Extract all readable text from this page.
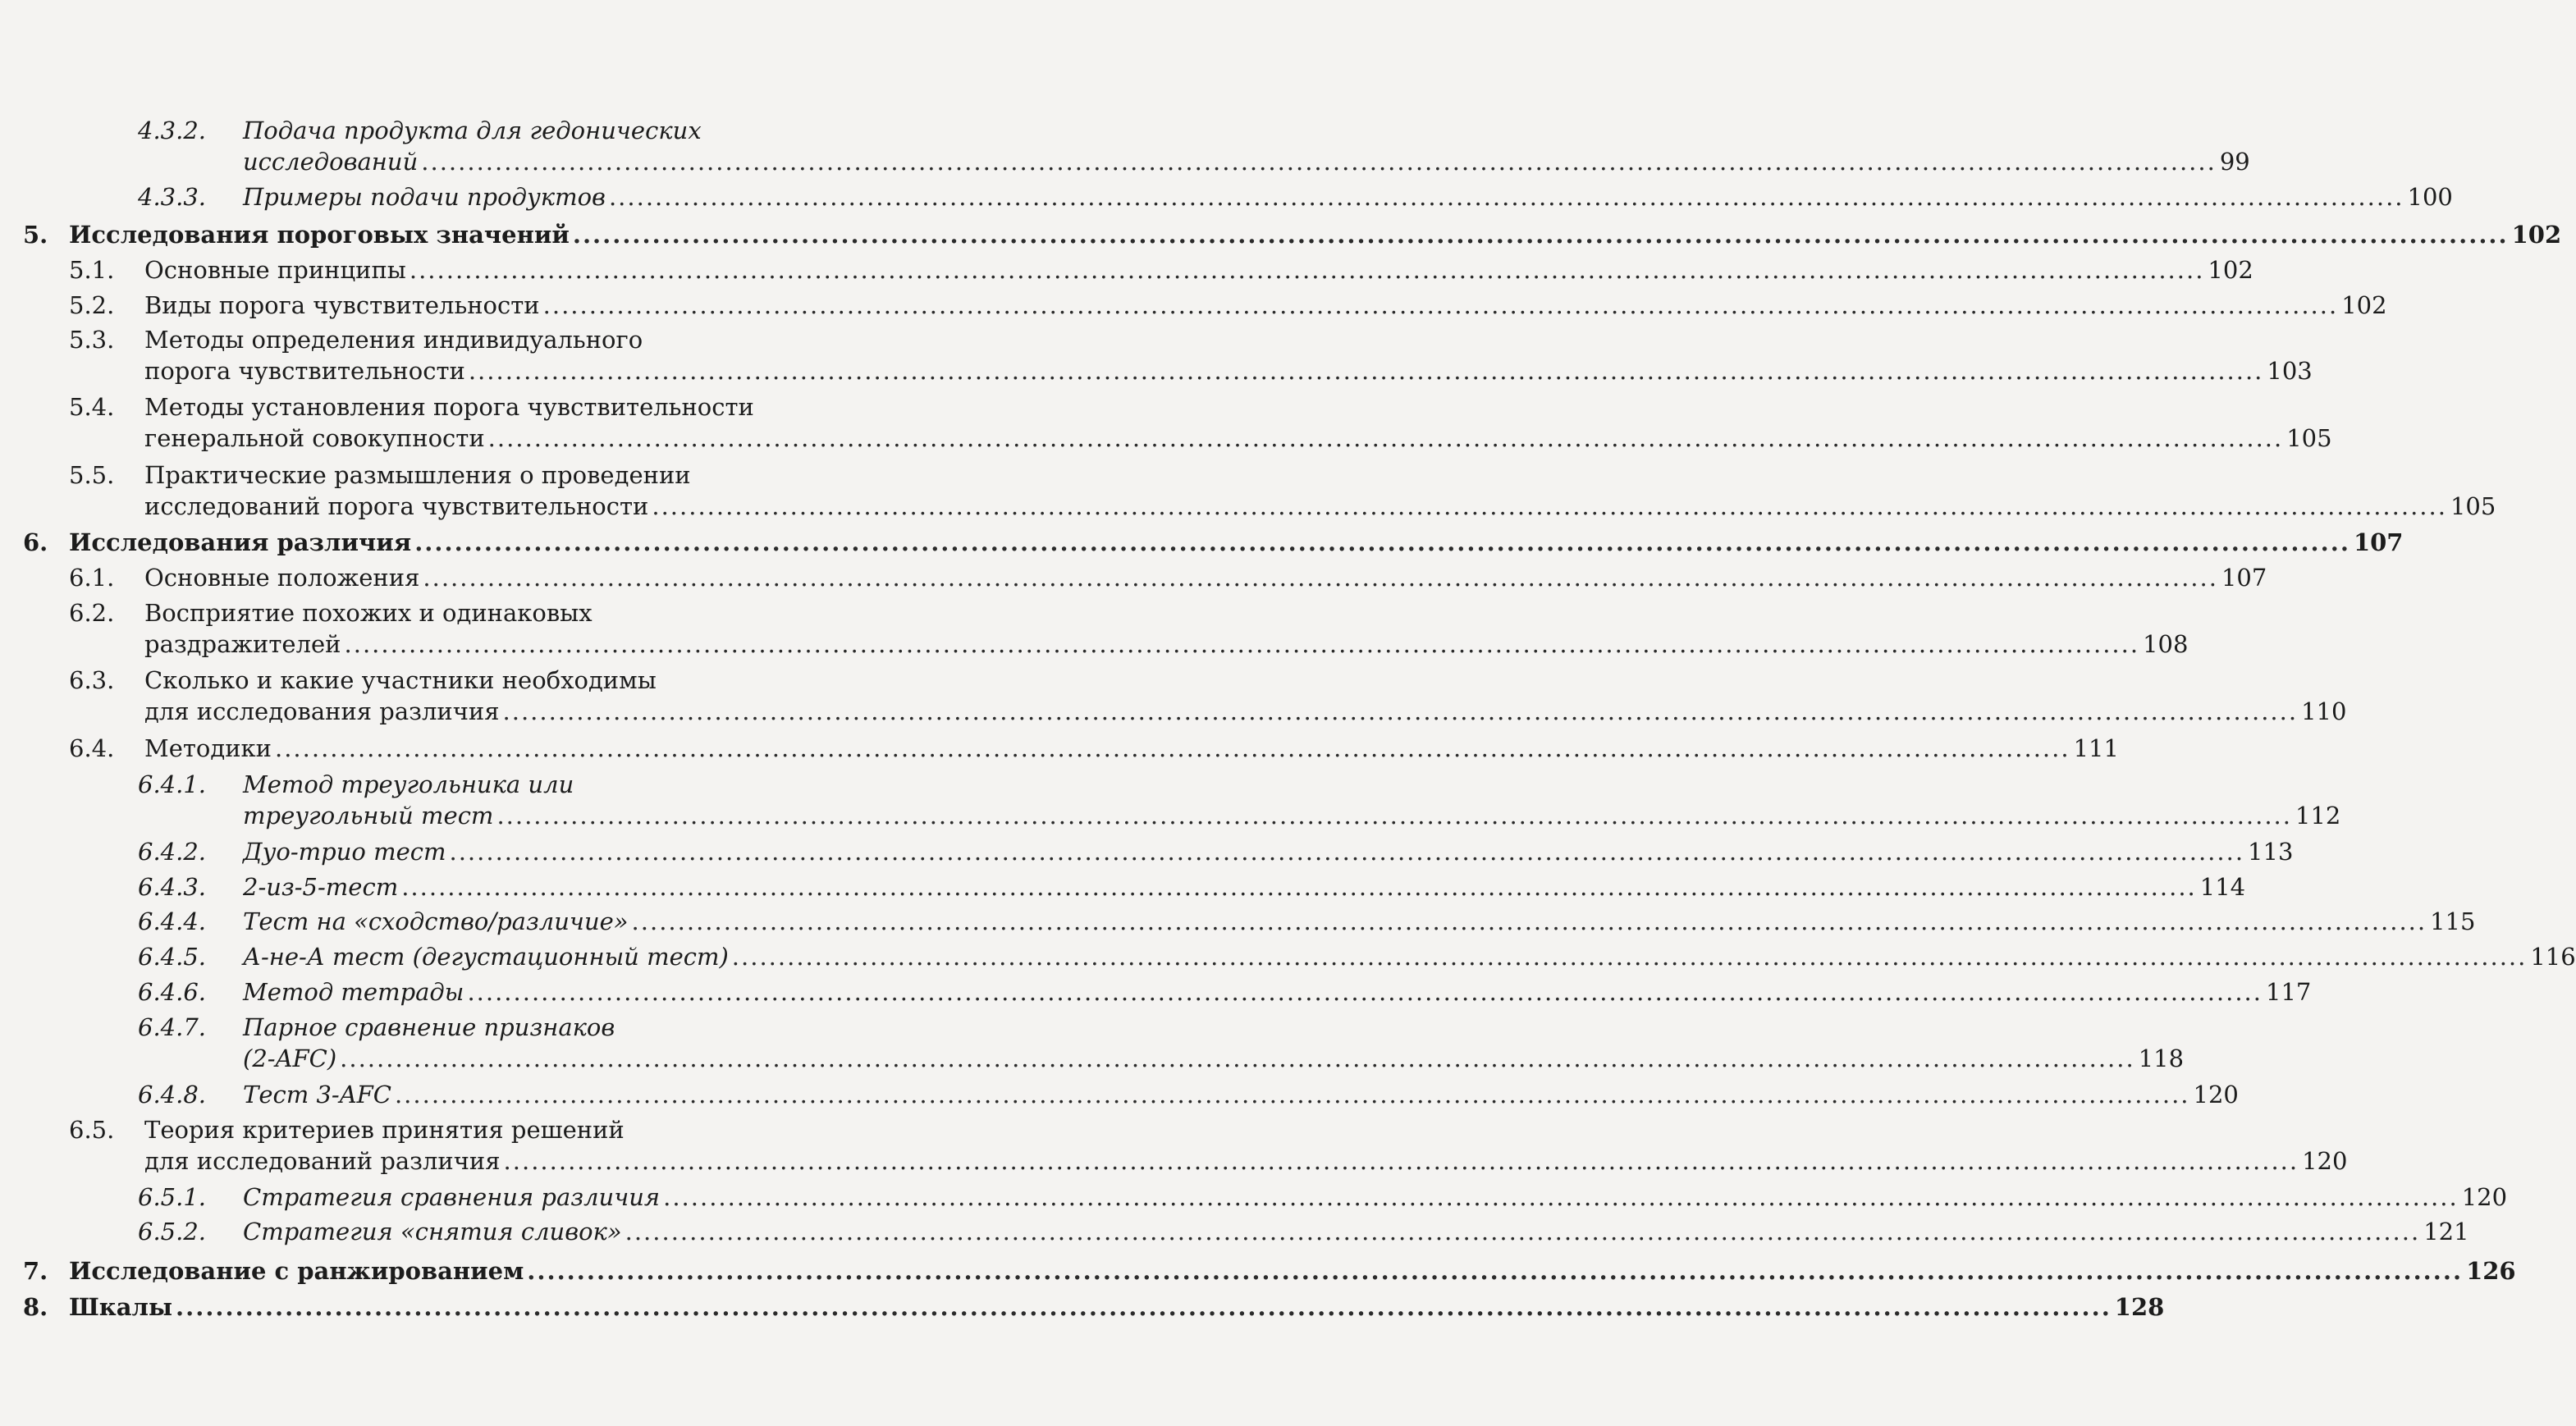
4.3.2. Подача продукта для гедонических
исследований .....	99
4.3.3. Примеры подачи продуктов .....	100
5. Исследования пороговых значений .....	102
5.1. Основные принципы .....	102
5.2. Виды порога чувствительности .....	102
5.3. Методы определения индивидуального
порога чувствительности .....	103
5.4. Методы установления порога чувствительности
генеральной совокупности .....	105
5.5. Практические размышления о проведении
исследований порога чувствительности .....	105
6. Исследования различия .....	107
6.1. Основные положения .....	107
6.2. Восприятие похожих и одинаковых
раздражителей .....	108
6.3. Сколько и какие участники необходимы
для исследования различия .....	110
6.4. Методики .....	111
6.4.1. Метод треугольника или
треугольный тест .....	112
6.4.2. Дуо-трио тест .....	113
6.4.3. 2-из-5-тест .....	114
6.4.4. Тест на «сходство/различие» .....	115
6.4.5. А-не-А тест (дегустационный тест) .....	116
6.4.6. Метод тетрады .....	117
6.4.7. Парное сравнение признаков
(2-AFC) .....	118
6.4.8. Тест 3-AFC .....	120
6.5. Теория критериев принятия решений
для исследований различия .....	120
6.5.1. Стратегия сравнения различия .....	120
6.5.2. Стратегия «снятия сливок» .....	121
7. Исследование с ранжированием .....	126
8. Шкалы .....	128
